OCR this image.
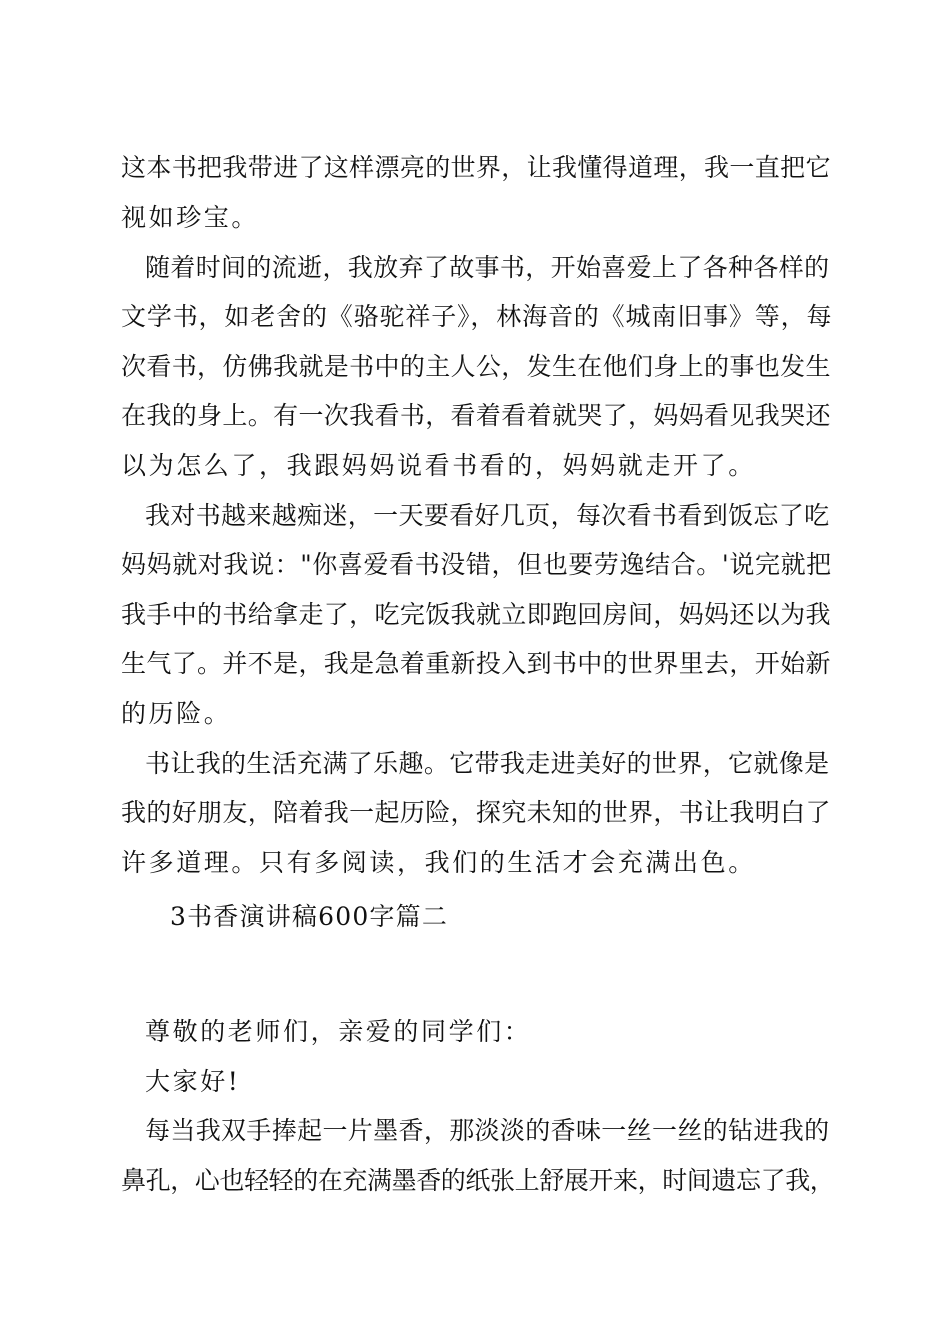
这本书把我带进了这样漂亮的世界，让我懂得道理，我一直把它
视如珍宝。
随着时间的流逝，我放弃了故事书，开始喜爱上了各种各样的
文学书，如老舍的《骆驼祥子》，林海音的《城南旧事》等，每
次看书，仿佛我就是书中的主人公，发生在他们身上的事也发生
在我的身上。有一次我看书，看着看着就哭了，妈妈看见我哭还
以为怎么了，我跟妈妈说看书看的，妈妈就走开了。
我对书越来越痴迷，一天要看好几页，每次看书看到饭忘了吃
妈妈就对我说："你喜爱看书没错，但也要劳逸结合。'说完就把
我手中的书给拿走了，吃完饭我就立即跑回房间，妈妈还以为我
生气了。并不是，我是急着重新投入到书中的世界里去，开始新
的历险。
书让我的生活充满了乐趣。它带我走进美好的世界，它就像是
我的好朋友，陪着我一起历险，探究未知的世界，书让我明白了
许多道理。只有多阅读，我们的生活才会充满出色。
3书香演讲稿600字篇二
尊敬的老师们，亲爱的同学们：
大家好!
每当我双手捧起一片墨香，那淡淡的香味一丝一丝的钻进我的
鼻孔，心也轻轻的在充满墨香的纸张上舒展开来，时间遗忘了我，
